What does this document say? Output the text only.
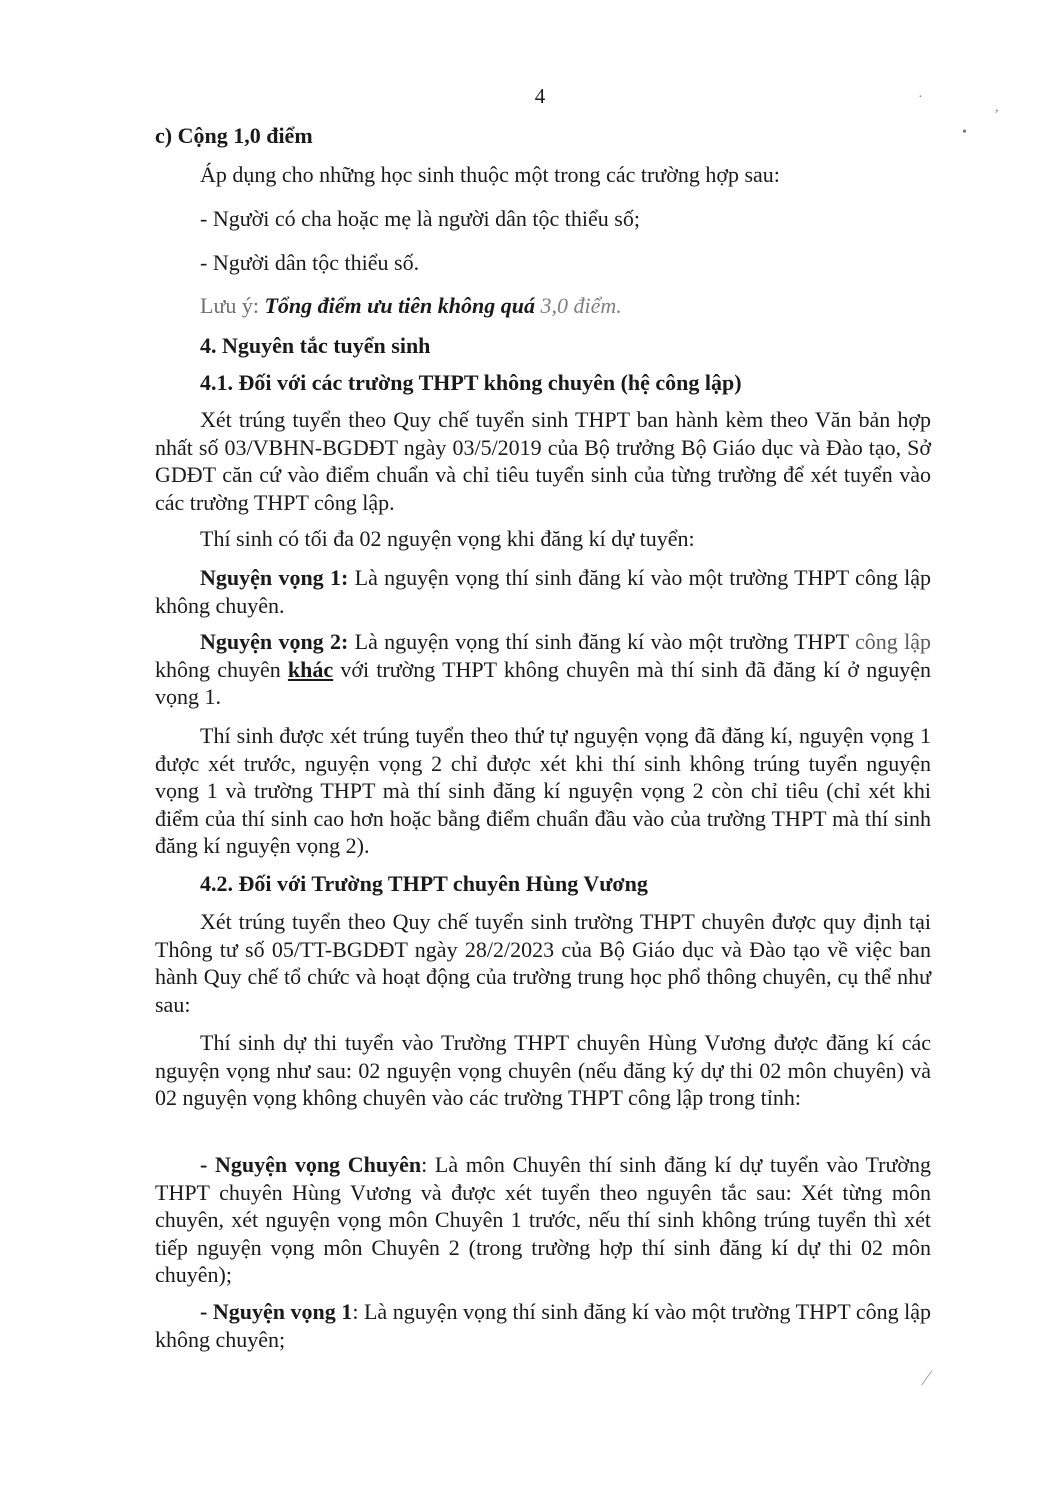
4	·
,
•
⁄

c) Cộng 1,0 điểm

Áp dụng cho những học sinh thuộc một trong các trường hợp sau:

- Người có cha hoặc mẹ là người dân tộc thiểu số;

- Người dân tộc thiểu số.

Lưu ý: Tổng điểm ưu tiên không quá 3,0 điểm.

4. Nguyên tắc tuyển sinh

4.1. Đối với các trường THPT không chuyên (hệ công lập)

Xét trúng tuyển theo Quy chế tuyển sinh THPT ban hành kèm theo Văn bản hợp nhất số 03/VBHN-BGDĐT ngày 03/5/2019 của Bộ trưởng Bộ Giáo dục và Đào tạo, Sở GDĐT căn cứ vào điểm chuẩn và chỉ tiêu tuyển sinh của từng trường để xét tuyển vào các trường THPT công lập.

Thí sinh có tối đa 02 nguyện vọng khi đăng kí dự tuyển:

Nguyện vọng 1: Là nguyện vọng thí sinh đăng kí vào một trường THPT công lập không chuyên.

Nguyện vọng 2: Là nguyện vọng thí sinh đăng kí vào một trường THPT công lập không chuyên khác với trường THPT không chuyên mà thí sinh đã đăng kí ở nguyện vọng 1.

Thí sinh được xét trúng tuyển theo thứ tự nguyện vọng đã đăng kí, nguyện vọng 1 được xét trước, nguyện vọng 2 chỉ được xét khi thí sinh không trúng tuyển nguyện vọng 1 và trường THPT mà thí sinh đăng kí nguyện vọng 2 còn chỉ tiêu (chỉ xét khi điểm của thí sinh cao hơn hoặc bằng điểm chuẩn đầu vào của trường THPT mà thí sinh đăng kí nguyện vọng 2).

4.2. Đối với Trường THPT chuyên Hùng Vương

Xét trúng tuyển theo Quy chế tuyển sinh trường THPT chuyên được quy định tại Thông tư số 05/TT-BGDĐT ngày 28/2/2023 của Bộ Giáo dục và Đào tạo về việc ban hành Quy chế tổ chức và hoạt động của trường trung học phổ thông chuyên, cụ thể như sau:

Thí sinh dự thi tuyển vào Trường THPT chuyên Hùng Vương được đăng kí các nguyện vọng như sau: 02 nguyện vọng chuyên (nếu đăng ký dự thi 02 môn chuyên) và 02 nguyện vọng không chuyên vào các trường THPT công lập trong tỉnh:

- Nguyện vọng Chuyên: Là môn Chuyên thí sinh đăng kí dự tuyển vào Trường THPT chuyên Hùng Vương và được xét tuyển theo nguyên tắc sau: Xét từng môn chuyên, xét nguyện vọng môn Chuyên 1 trước, nếu thí sinh không trúng tuyển thì xét tiếp nguyện vọng môn Chuyên 2 (trong trường hợp thí sinh đăng kí dự thi 02 môn chuyên);

- Nguyện vọng 1: Là nguyện vọng thí sinh đăng kí vào một trường THPT công lập không chuyên;
